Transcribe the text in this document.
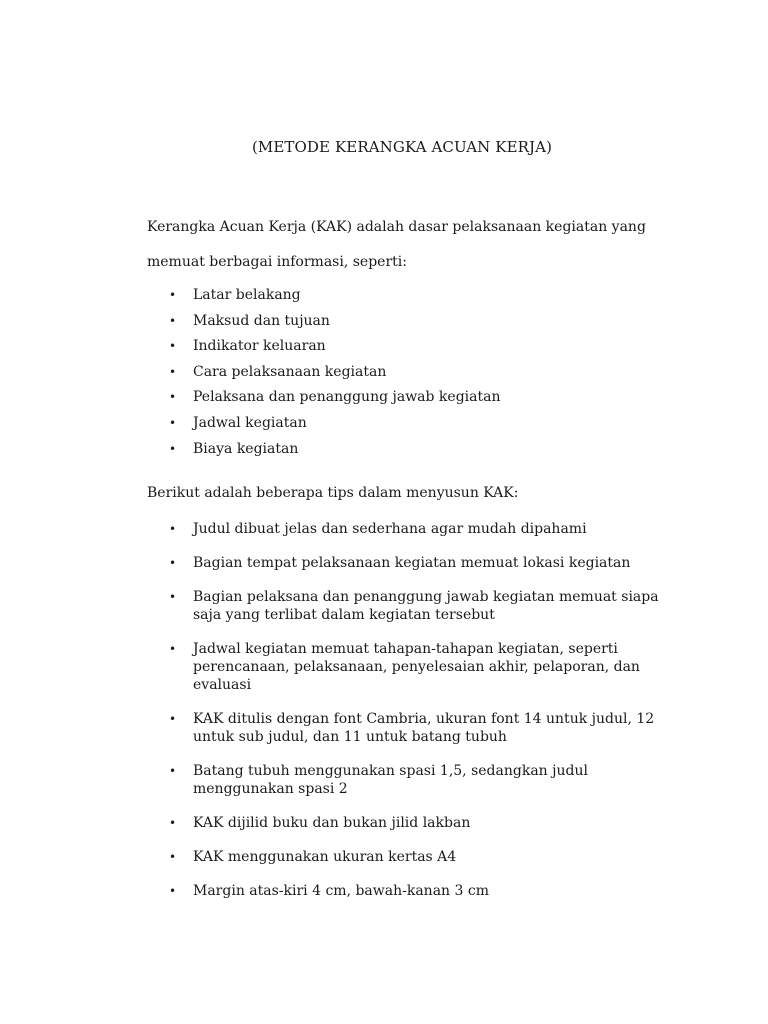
(METODE KERANGKA ACUAN KERJA)
Kerangka Acuan Kerja (KAK) adalah dasar pelaksanaan kegiatan yang
memuat berbagai informasi, seperti:
• Latar belakang
• Maksud dan tujuan
• Indikator keluaran
• Cara pelaksanaan kegiatan
• Pelaksana dan penanggung jawab kegiatan
• Jadwal kegiatan
• Biaya kegiatan
Berikut adalah beberapa tips dalam menyusun KAK:
• Judul dibuat jelas dan sederhana agar mudah dipahami
• Bagian tempat pelaksanaan kegiatan memuat lokasi kegiatan
• Bagian pelaksana dan penanggung jawab kegiatan memuat siapa saja yang terlibat dalam kegiatan tersebut
• Jadwal kegiatan memuat tahapan-tahapan kegiatan, seperti perencanaan, pelaksanaan, penyelesaian akhir, pelaporan, dan evaluasi
• KAK ditulis dengan font Cambria, ukuran font 14 untuk judul, 12 untuk sub judul, dan 11 untuk batang tubuh
• Batang tubuh menggunakan spasi 1,5, sedangkan judul menggunakan spasi 2
• KAK dijilid buku dan bukan jilid lakban
• KAK menggunakan ukuran kertas A4
• Margin atas-kiri 4 cm, bawah-kanan 3 cm
